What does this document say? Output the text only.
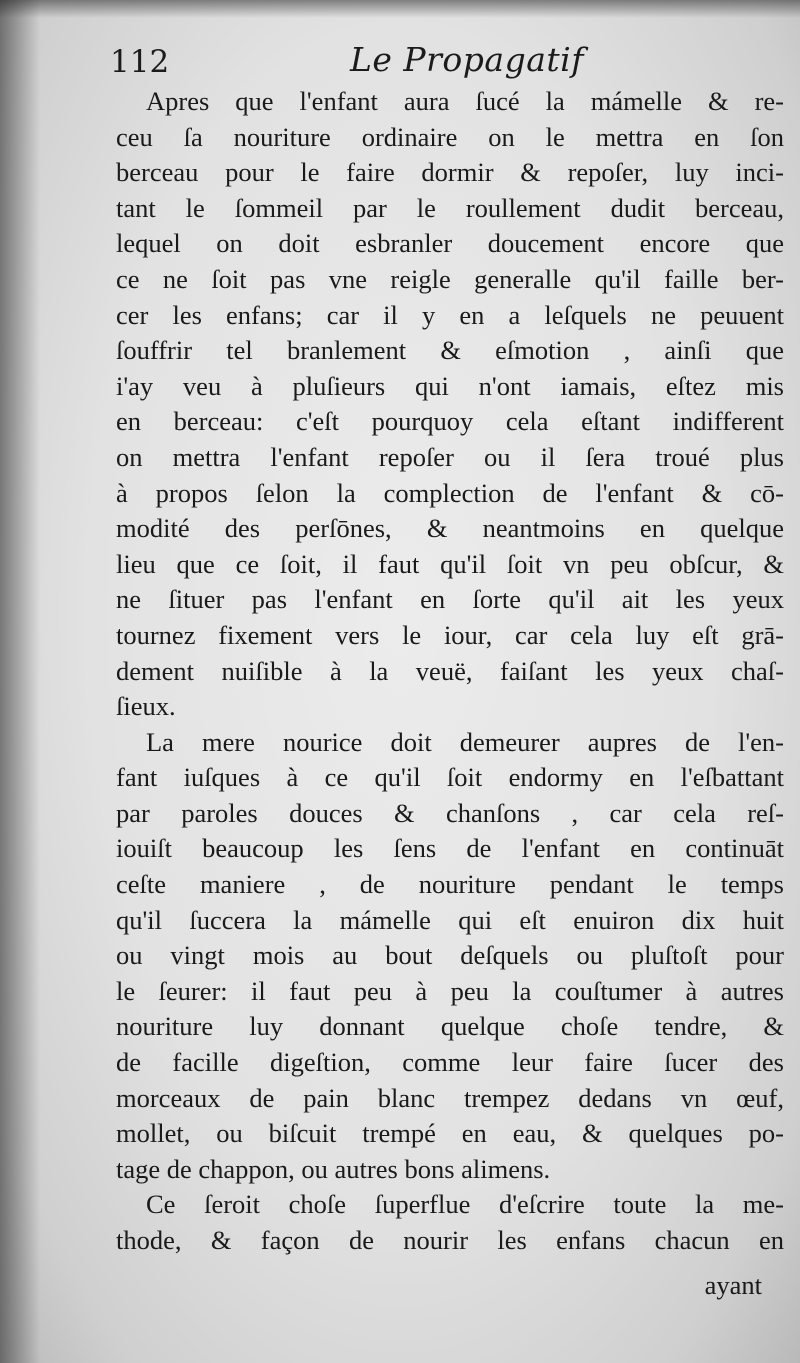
112	Le Propagatif
Apres que l'enfant aura ſucé la mámelle & re-
ceu ſa nouriture ordinaire on le mettra en ſon
berceau pour le faire dormir & repoſer, luy inci-
tant le ſommeil par le roullement dudit berceau,
lequel on doit esbranler doucement encore que
ce ne ſoit pas vne reigle generalle qu'il faille ber-
cer les enfans; car il y en a leſquels ne peuuent
ſouffrir tel branlement & eſmotion , ainſi que
i'ay veu à pluſieurs qui n'ont iamais, eſtez mis
en berceau: c'eſt pourquoy cela eſtant indifferent
on mettra l'enfant repoſer ou il ſera troué plus
à propos ſelon la complection de l'enfant & cō-
modité des perſōnes, & neantmoins en quelque
lieu que ce ſoit, il faut qu'il ſoit vn peu obſcur, &
ne ſituer pas l'enfant en ſorte qu'il ait les yeux
tournez fixement vers le iour, car cela luy eſt grā-
dement nuiſible à la veuë, faiſant les yeux chaſ-
ſieux.
La mere nourice doit demeurer aupres de l'en-
fant iuſques à ce qu'il ſoit endormy en l'eſbattant
par paroles douces & chanſons , car cela reſ-
iouiſt beaucoup les ſens de l'enfant en continuāt
ceſte maniere , de nouriture pendant le temps
qu'il ſuccera la mámelle qui eſt enuiron dix huit
ou vingt mois au bout deſquels ou pluſtoſt pour
le ſeurer: il faut peu à peu la couſtumer à autres
nouriture luy donnant quelque choſe tendre, &
de facille digeſtion, comme leur faire ſucer des
morceaux de pain blanc trempez dedans vn œuf,
mollet, ou biſcuit trempé en eau, & quelques po-
tage de chappon, ou autres bons alimens.
Ce ſeroit choſe ſuperflue d'eſcrire toute la me-
thode, & façon de nourir les enfans chacun en
ayant
